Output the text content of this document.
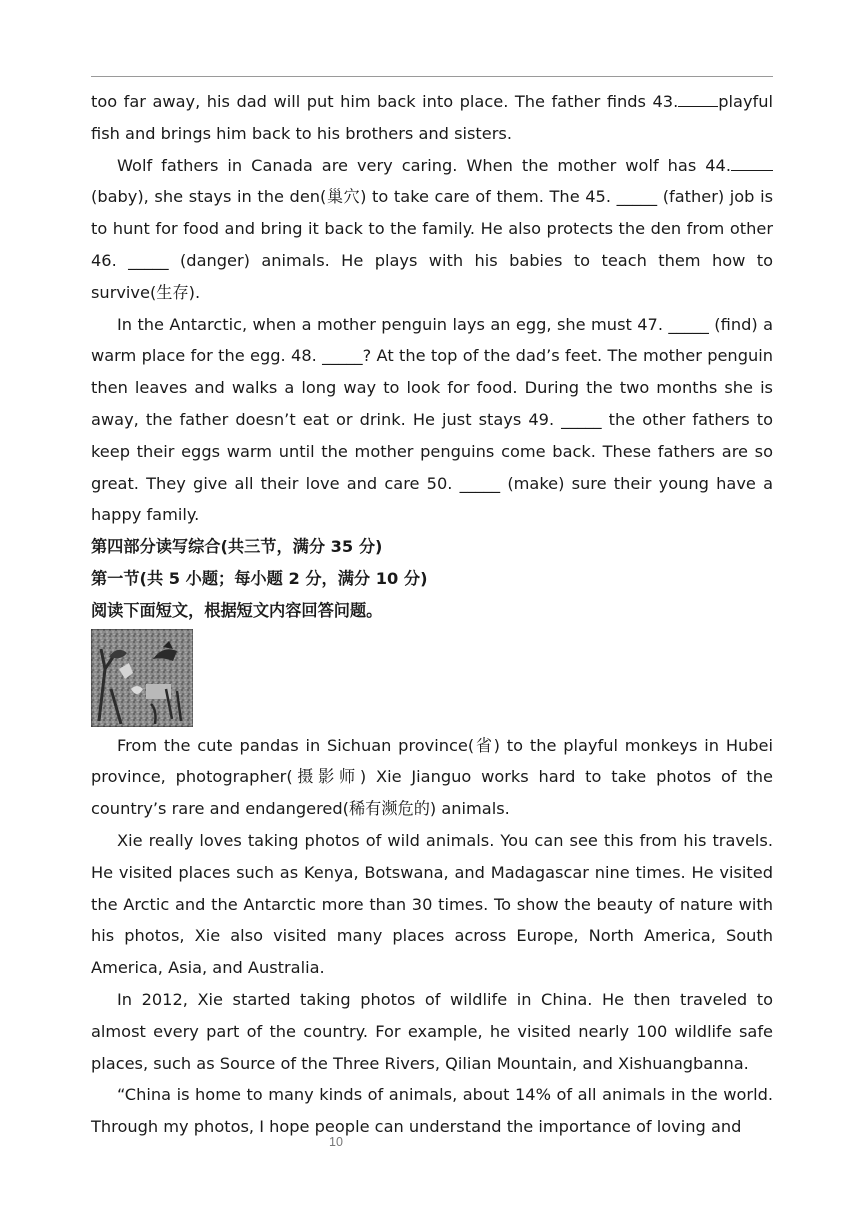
too far away, his dad will put him back into place. The father finds 43. playful fish and brings him back to his brothers and sisters.

Wolf fathers in Canada are very caring. When the mother wolf has 44.(baby), she stays in the den(巢穴) to take care of them. The 45. _____ (father) job is to hunt for food and bring it back to the family. He also protects the den from other 46. _____ (danger) animals. He plays with his babies to teach them how to survive(生存).

In the Antarctic, when a mother penguin lays an egg, she must 47. _____ (find) a warm place for the egg. 48. _____? At the top of the dad’s feet. The mother penguin then leaves and walks a long way to look for food. During the two months she is away, the father doesn’t eat or drink. He just stays 49. _____ the other fathers to keep their eggs warm until the mother penguins come back. These fathers are so great. They give all their love and care 50. _____ (make) sure their young have a happy family.

第四部分读写综合(共三节，满分 35 分)

第一节(共 5 小题；每小题 2 分，满分 10 分)

阅读下面短文，根据短文内容回答问题。

From the cute pandas in Sichuan province(省) to the playful monkeys in Hubei province, photographer(摄影师) Xie Jianguo works hard to take photos of the country’s rare and endangered(稀有濒危的) animals.

Xie really loves taking photos of wild animals. You can see this from his travels. He visited places such as Kenya, Botswana, and Madagascar nine times. He visited the Arctic and the Antarctic more than 30 times. To show the beauty of nature with his photos, Xie also visited many places across Europe, North America, South America, Asia, and Australia.

In 2012, Xie started taking photos of wildlife in China. He then traveled to almost every part of the country. For example, he visited nearly 100 wildlife safe places, such as Source of the Three Rivers, Qilian Mountain, and Xishuangbanna.

“China is home to many kinds of animals, about 14% of all animals in the world. Through my photos, I hope people can understand the importance of loving and

10
